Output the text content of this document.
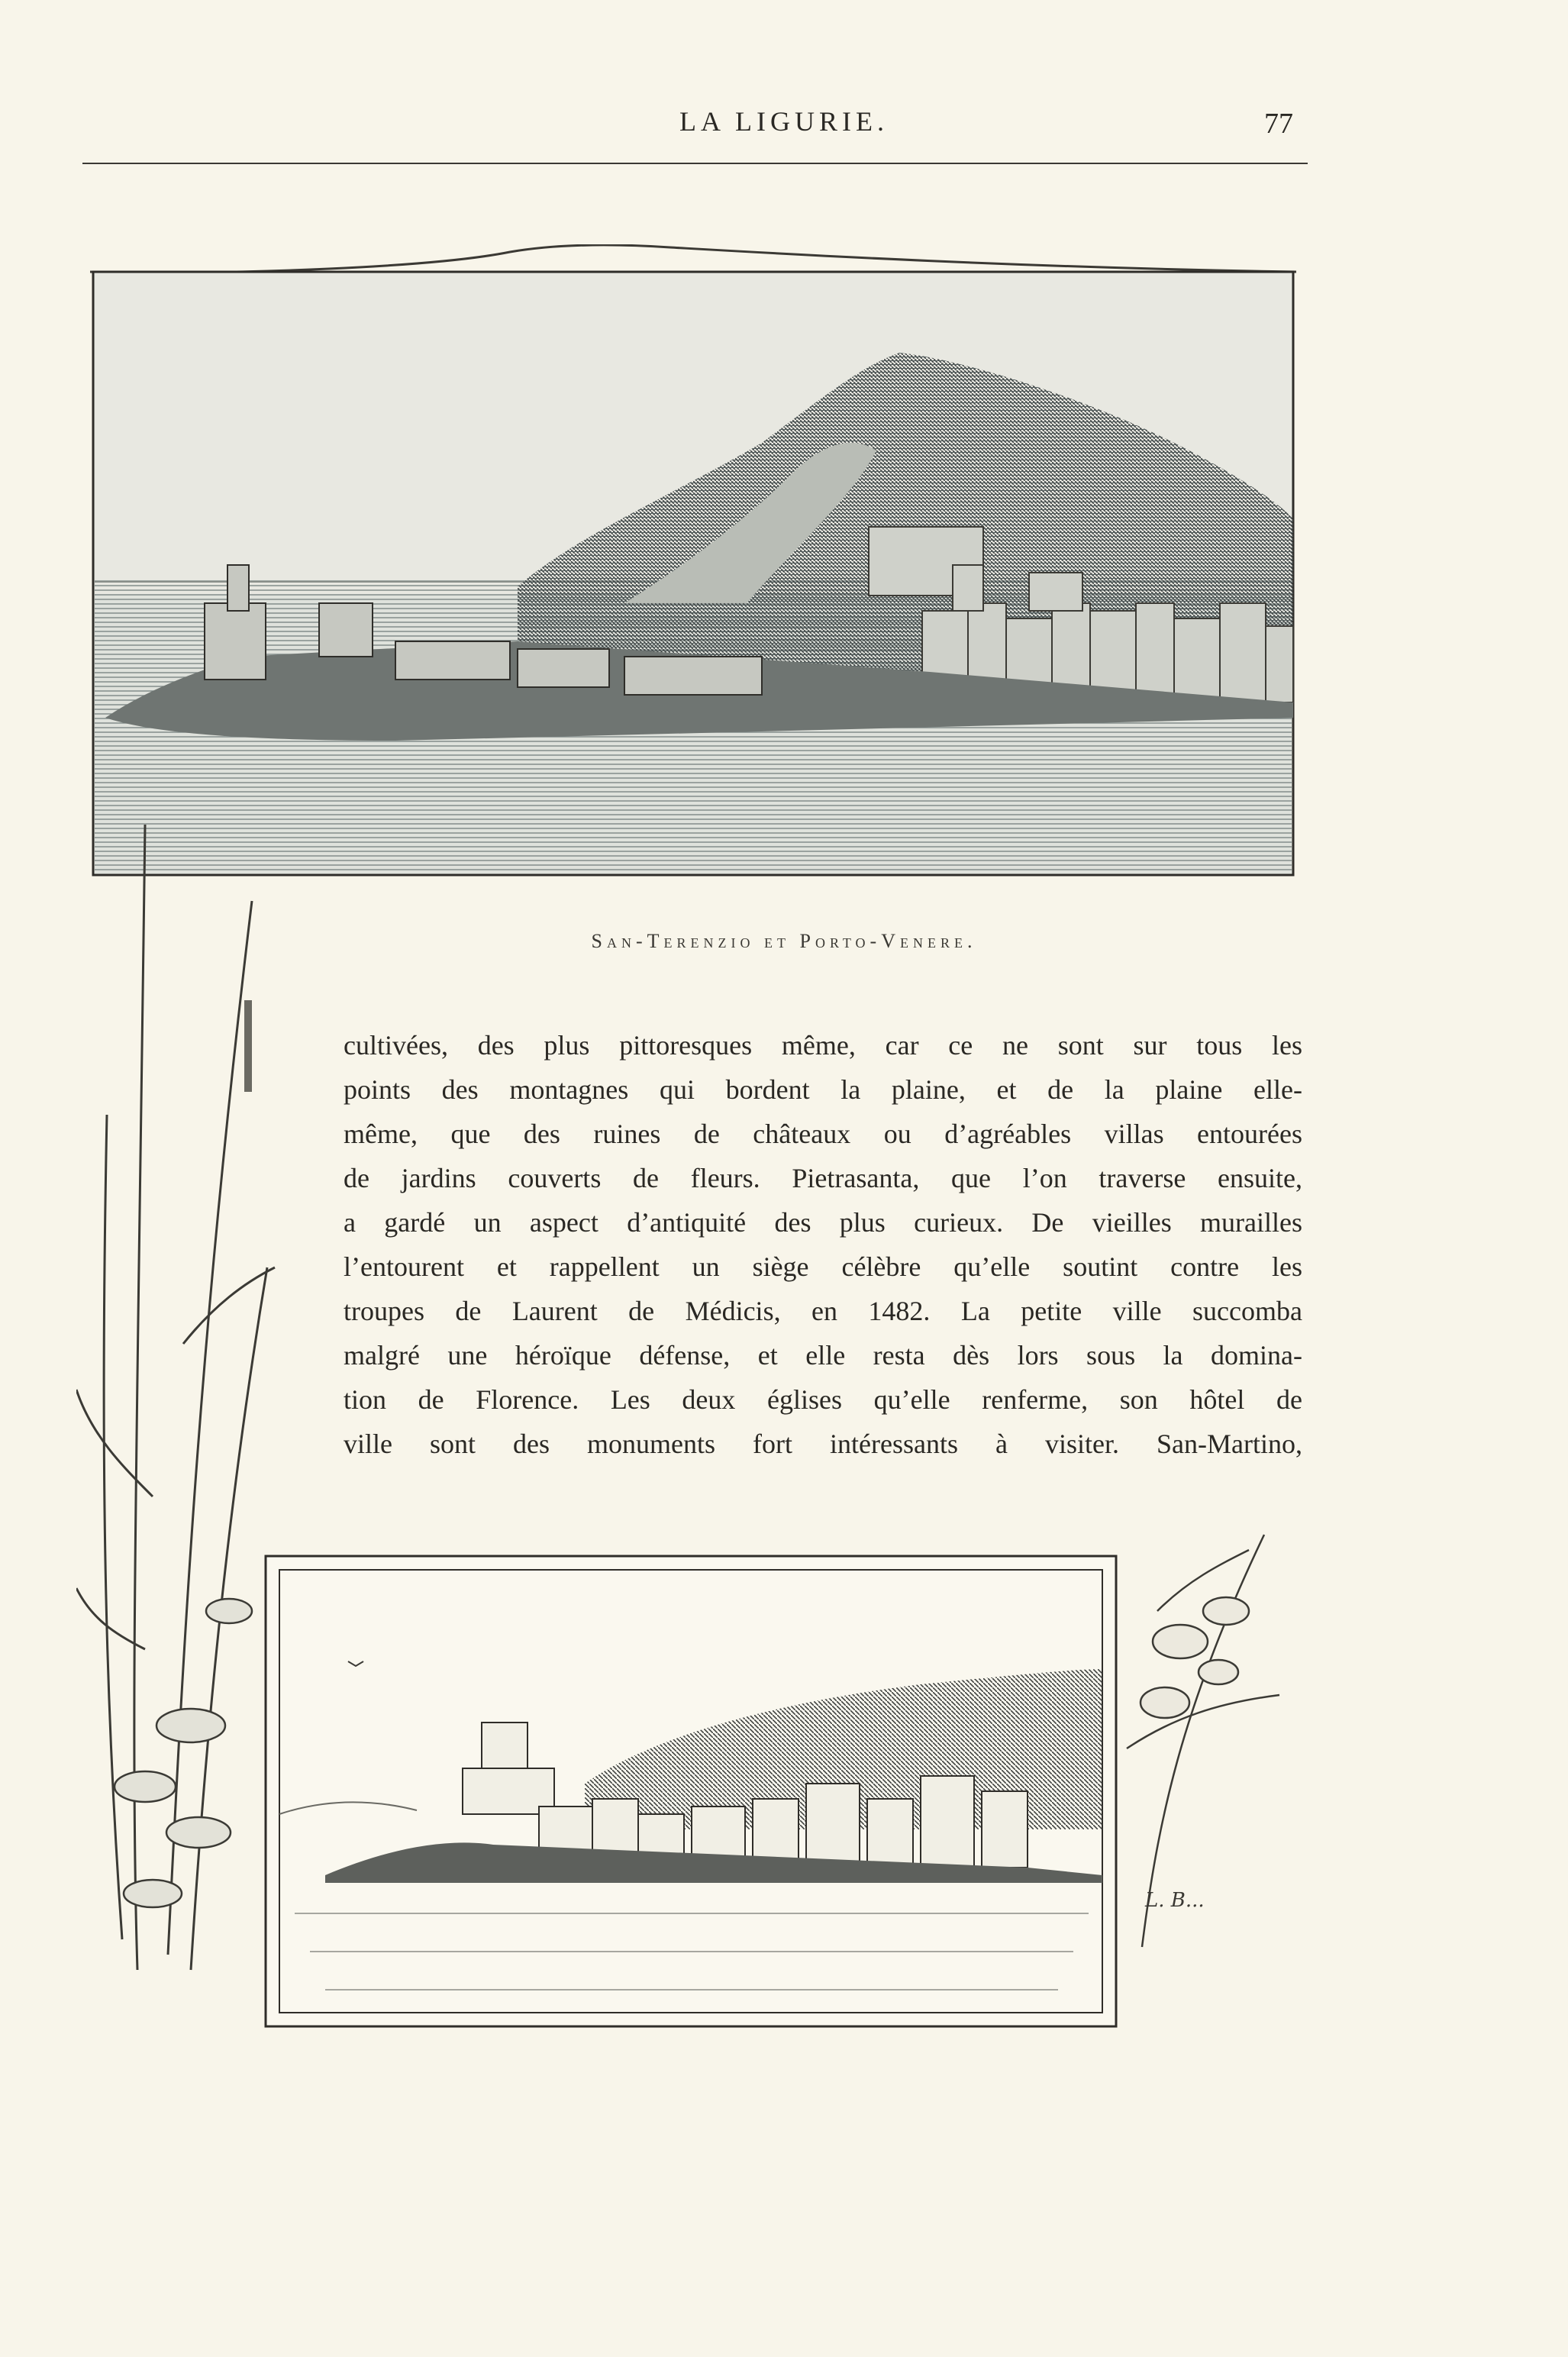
LA LIGURIE.	77
San-Terenzio et Porto-Venere.
cultivées, des plus pittoresques même, car ce ne sont sur tous les
points des montagnes qui bordent la plaine, et de la plaine elle-
même, que des ruines de châteaux ou d’agréables villas entourées
de jardins couverts de fleurs. Pietrasanta, que l’on traverse ensuite,
a gardé un aspect d’antiquité des plus curieux. De vieilles murailles
l’entourent et rappellent un siège célèbre qu’elle soutint contre les
troupes de Laurent de Médicis, en 1482. La petite ville succomba
malgré une héroïque défense, et elle resta dès lors sous la domina-
tion de Florence. Les deux églises qu’elle renferme, son hôtel de
ville sont des monuments fort intéressants à visiter. San-Martino,
L. B...
